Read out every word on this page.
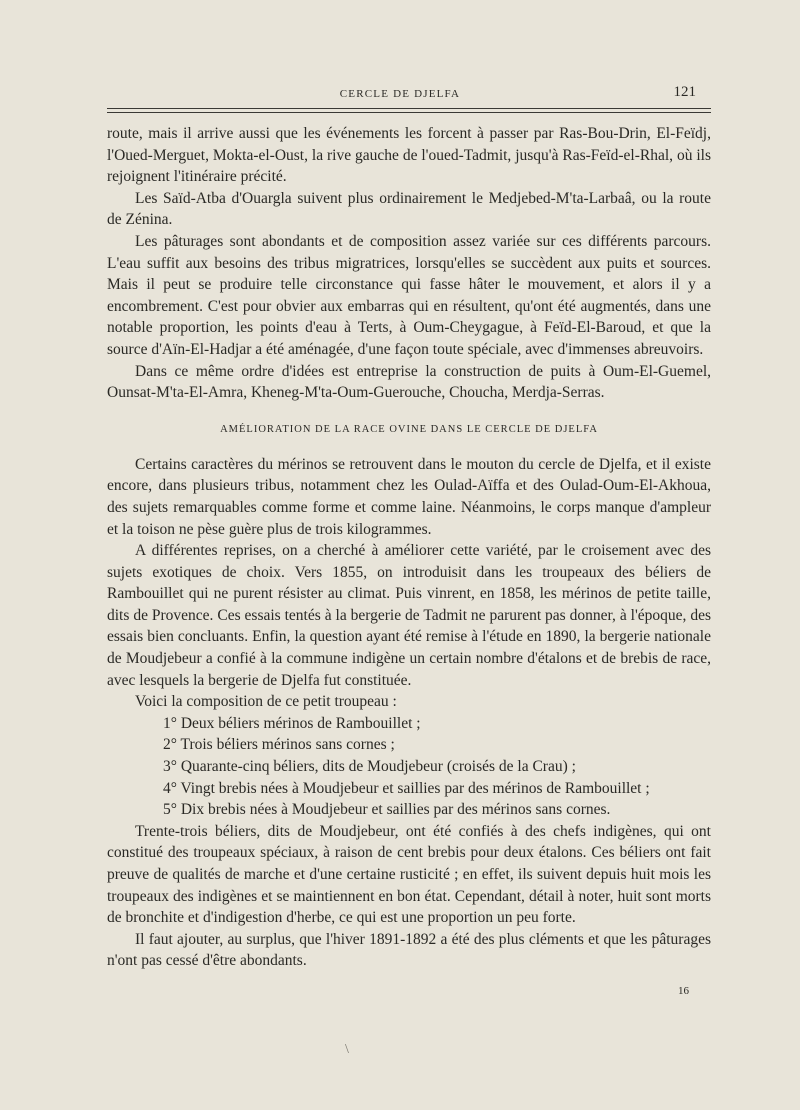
CERCLE DE DJELFA	121

route, mais il arrive aussi que les événements les forcent à passer par Ras-Bou-Drin, El-Feïdj, l'Oued-Merguet, Mokta-el-Oust, la rive gauche de l'oued-Tadmit, jusqu'à Ras-Feïd-el-Rhal, où ils rejoignent l'itinéraire précité.

Les Saïd-Atba d'Ouargla suivent plus ordinairement le Medjebed-M'ta-Larbaâ, ou la route de Zénina.

Les pâturages sont abondants et de composition assez variée sur ces différents parcours. L'eau suffit aux besoins des tribus migratrices, lorsqu'elles se succèdent aux puits et sources. Mais il peut se produire telle circonstance qui fasse hâter le mouvement, et alors il y a encombrement. C'est pour obvier aux embarras qui en résultent, qu'ont été augmentés, dans une notable proportion, les points d'eau à Terts, à Oum-Cheygague, à Feïd-El-Baroud, et que la source d'Aïn-El-Hadjar a été aménagée, d'une façon toute spéciale, avec d'immenses abreuvoirs.

Dans ce même ordre d'idées est entreprise la construction de puits à Oum-El-Guemel, Ounsat-M'ta-El-Amra, Kheneg-M'ta-Oum-Guerouche, Choucha, Merdja-Serras.

AMÉLIORATION DE LA RACE OVINE DANS LE CERCLE DE DJELFA

Certains caractères du mérinos se retrouvent dans le mouton du cercle de Djelfa, et il existe encore, dans plusieurs tribus, notamment chez les Oulad-Aïffa et des Oulad-Oum-El-Akhoua, des sujets remarquables comme forme et comme laine. Néanmoins, le corps manque d'ampleur et la toison ne pèse guère plus de trois kilogrammes.

A différentes reprises, on a cherché à améliorer cette variété, par le croisement avec des sujets exotiques de choix. Vers 1855, on introduisit dans les troupeaux des béliers de Rambouillet qui ne purent résister au climat. Puis vinrent, en 1858, les mérinos de petite taille, dits de Provence. Ces essais tentés à la bergerie de Tadmit ne parurent pas donner, à l'époque, des essais bien concluants. Enfin, la question ayant été remise à l'étude en 1890, la bergerie nationale de Moudjebeur a confié à la commune indigène un certain nombre d'étalons et de brebis de race, avec lesquels la bergerie de Djelfa fut constituée.

Voici la composition de ce petit troupeau :

1° Deux béliers mérinos de Rambouillet ;

2° Trois béliers mérinos sans cornes ;

3° Quarante-cinq béliers, dits de Moudjebeur (croisés de la Crau) ;

4° Vingt brebis nées à Moudjebeur et saillies par des mérinos de Rambouillet ;

5° Dix brebis nées à Moudjebeur et saillies par des mérinos sans cornes.

Trente-trois béliers, dits de Moudjebeur, ont été confiés à des chefs indigènes, qui ont constitué des troupeaux spéciaux, à raison de cent brebis pour deux étalons. Ces béliers ont fait preuve de qualités de marche et d'une certaine rusticité ; en effet, ils suivent depuis huit mois les troupeaux des indigènes et se maintiennent en bon état. Cependant, détail à noter, huit sont morts de bronchite et d'indigestion d'herbe, ce qui est une proportion un peu forte.

Il faut ajouter, au surplus, que l'hiver 1891-1892 a été des plus cléments et que les pâturages n'ont pas cessé d'être abondants.

16
\
